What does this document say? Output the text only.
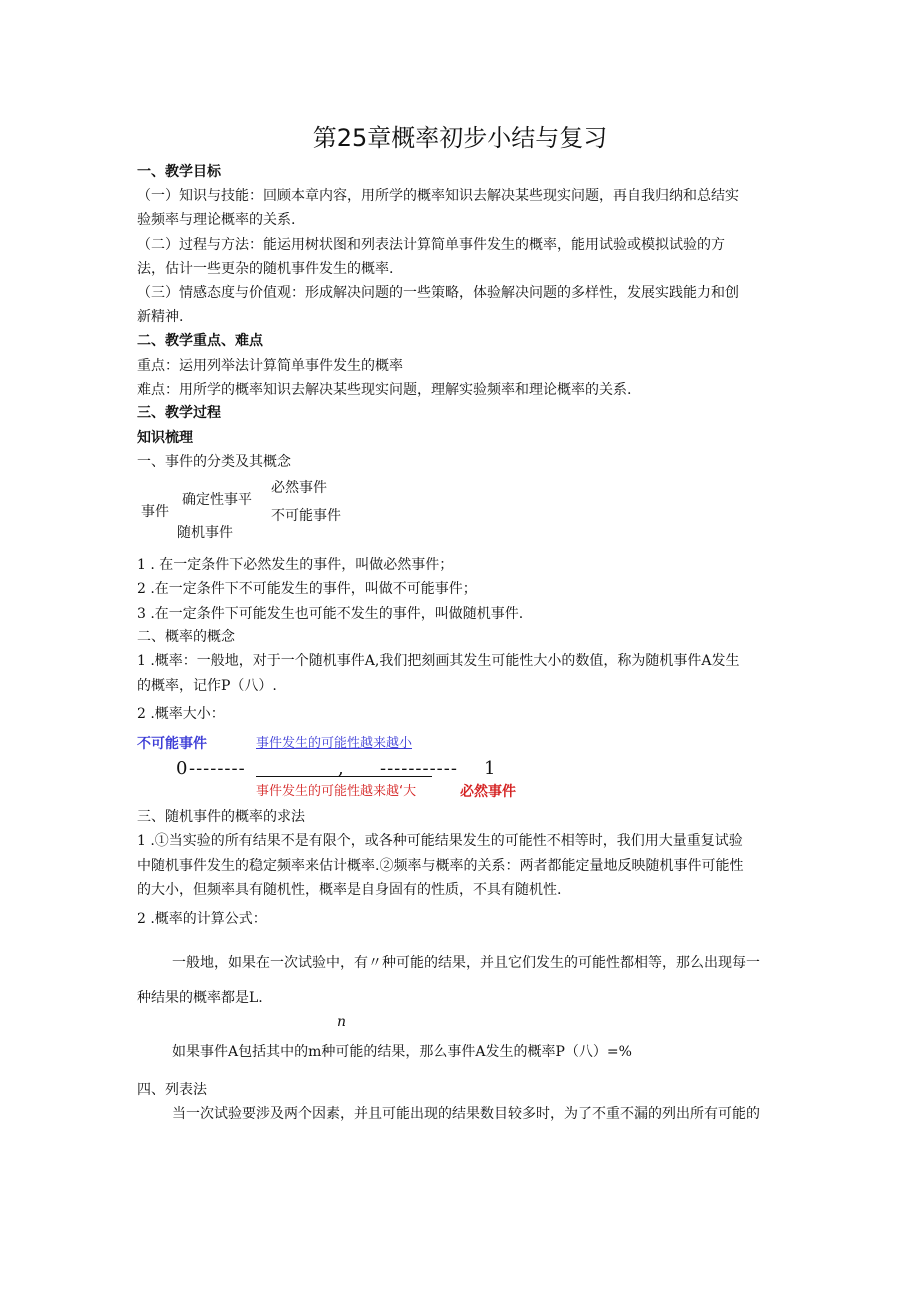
第25章概率初步小结与复习
一、教学目标
（一）知识与技能：回顾本章内容，用所学的概率知识去解决某些现实问题，再自我归纳和总结实
验频率与理论概率的关系.
（二）过程与方法：能运用树状图和列表法计算简单事件发生的概率，能用试验或模拟试验的方
法，估计一些更杂的随机事件发生的概率.
（三）情感态度与价值观：形成解决问题的一些策略，体验解决问题的多样性，发展实践能力和创
新精神.
二、教学重点、难点
重点：运用列举法计算简单事件发生的概率
难点：用所学的概率知识去解决某些现实问题，理解实验频率和理论概率的关系.
三、教学过程
知识梳理
一、事件的分类及其概念
事件
确定性事平
随机事件
必然事件
不可能事件
1 . 在一定条件下必然发生的事件，叫做必然事件；
2 .在一定条件下不可能发生的事件，叫做不可能事件；
3 .在一定条件下可能发生也可能不发生的事件，叫做随机事件.
二、概率的概念
1 .概率：一般地，对于一个随机事件A,我们把刻画其发生可能性大小的数值，称为随机事件A发生
的概率，记作P（八）.
2 .概率大小：
不可能事件	事件发生的可能性越来越小
0 --------	, ----------- 1
事件发生的可能性越来越‘大	必然事件
三、随机事件的概率的求法
1 .①当实验的所有结果不是有限个，或各种可能结果发生的可能性不相等时，我们用大量重复试验
中随机事件发生的稳定频率来估计概率.②频率与概率的关系：两者都能定量地反映随机事件可能性
的大小，但频率具有随机性，概率是自身固有的性质，不具有随机性.
2 .概率的计算公式：
一般地，如果在一次试验中，有〃种可能的结果，并且它们发生的可能性都相等，那么出现每一
种结果的概率都是L.
n
如果事件A包括其中的m种可能的结果，那么事件A发生的概率P（八）=%
四、列表法
当一次试验要涉及两个因素，并且可能出现的结果数目较多时，为了不重不漏的列出所有可能的
